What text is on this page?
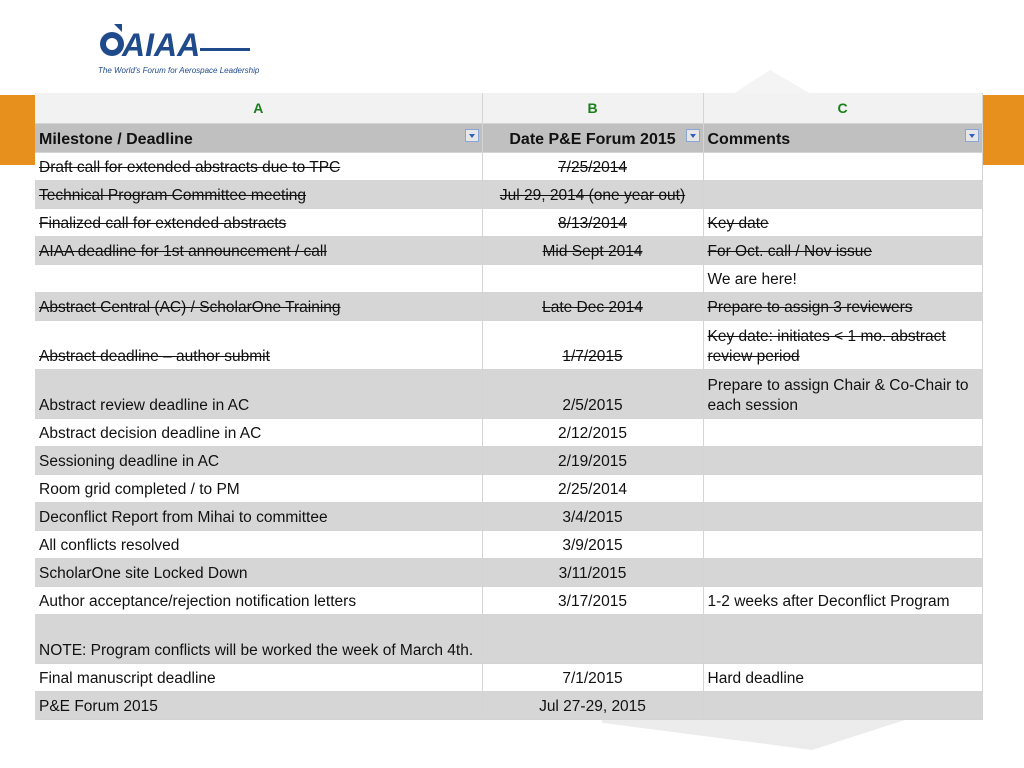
AIAA
The World's Forum for Aerospace Leadership
A	B	C
Milestone / Deadline	Date P&E Forum 2015	Comments

Draft call for extended abstracts due to TPC	7/25/2014	
Technical Program Committee meeting	Jul 29, 2014 (one year out)	
Finalized call for extended abstracts	8/13/2014	Key date
AIAA deadline for 1st announcement / call	Mid Sept 2014	For Oct. call / Nov issue
		We are here!
Abstract Central (AC) / ScholarOne Training	Late Dec 2014	Prepare to assign 3 reviewers
Abstract deadline – author submit	1/7/2015	Key date: initiates < 1 mo. abstract review period
Abstract review deadline in AC	2/5/2015	Prepare to assign Chair & Co-Chair to each session
Abstract decision deadline in AC	2/12/2015	
Sessioning deadline in AC	2/19/2015	
Room grid completed / to PM	2/25/2014	
Deconflict Report from Mihai to committee	3/4/2015	
All conflicts resolved	3/9/2015	
ScholarOne site Locked Down	3/11/2015	
Author acceptance/rejection notification letters	3/17/2015	1-2 weeks after Deconflict Program
NOTE: Program conflicts will be worked the week of March 4th.		
Final manuscript deadline	7/1/2015	Hard deadline
P&E Forum 2015	Jul 27-29, 2015	
